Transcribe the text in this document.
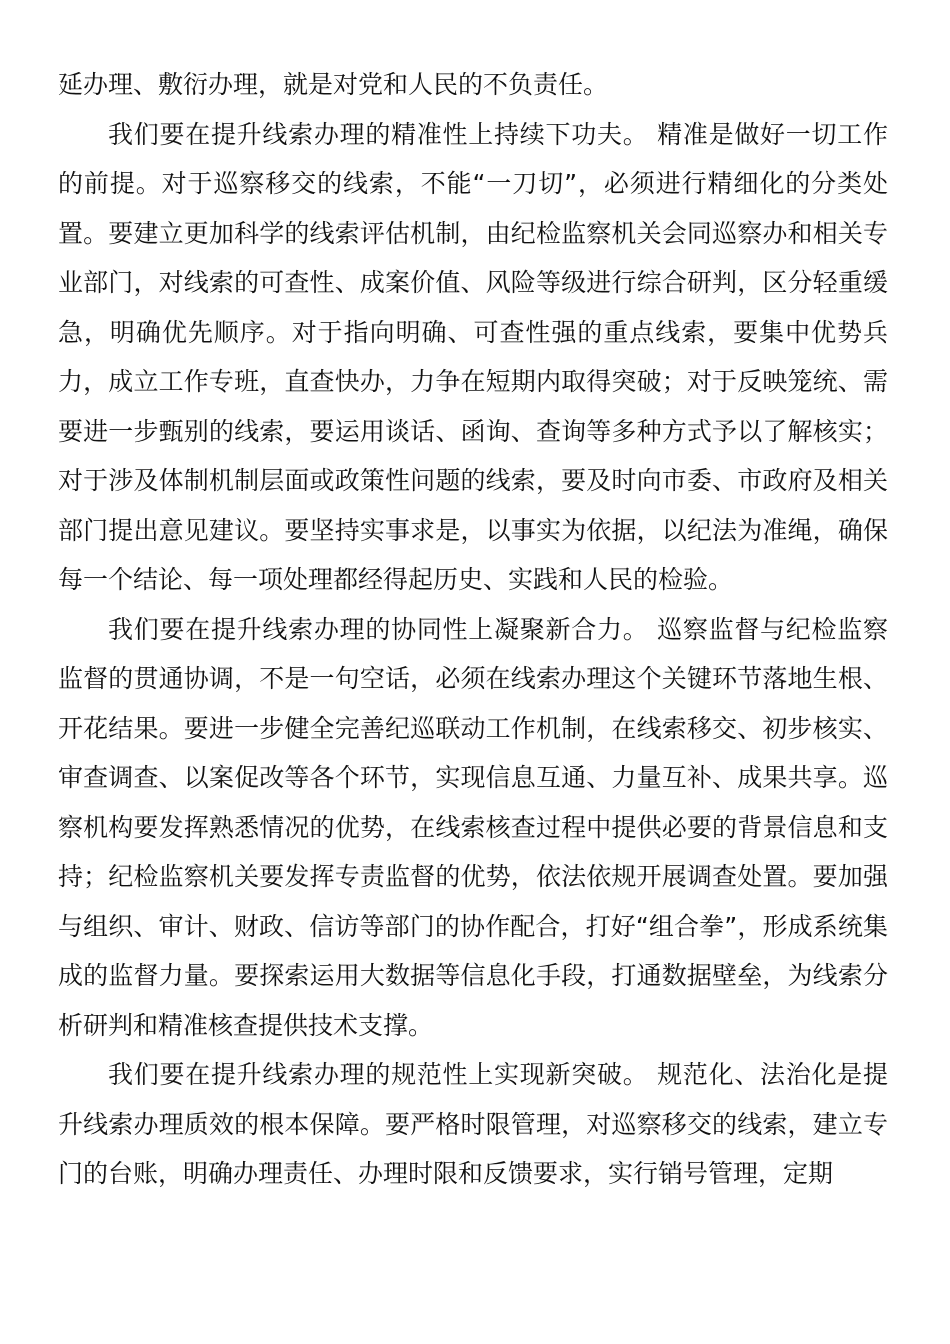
延办理、敷衍办理，就是对党和人民的不负责任。

我们要在提升线索办理的精准性上持续下功夫。 精准是做好一切工作的前提。对于巡察移交的线索，不能“一刀切”，必须进行精细化的分类处置。要建立更加科学的线索评估机制，由纪检监察机关会同巡察办和相关专业部门，对线索的可查性、成案价值、风险等级进行综合研判，区分轻重缓急，明确优先顺序。对于指向明确、可查性强的重点线索，要集中优势兵力，成立工作专班，直查快办，力争在短期内取得突破；对于反映笼统、需要进一步甄别的线索，要运用谈话、函询、查询等多种方式予以了解核实；对于涉及体制机制层面或政策性问题的线索，要及时向市委、市政府及相关部门提出意见建议。要坚持实事求是，以事实为依据，以纪法为准绳，确保每一个结论、每一项处理都经得起历史、实践和人民的检验。

我们要在提升线索办理的协同性上凝聚新合力。 巡察监督与纪检监察监督的贯通协调，不是一句空话，必须在线索办理这个关键环节落地生根、开花结果。要进一步健全完善纪巡联动工作机制，在线索移交、初步核实、审查调查、以案促改等各个环节，实现信息互通、力量互补、成果共享。巡察机构要发挥熟悉情况的优势，在线索核查过程中提供必要的背景信息和支持；纪检监察机关要发挥专责监督的优势，依法依规开展调查处置。要加强与组织、审计、财政、信访等部门的协作配合，打好“组合拳”，形成系统集成的监督力量。要探索运用大数据等信息化手段，打通数据壁垒，为线索分析研判和精准核查提供技术支撑。

我们要在提升线索办理的规范性上实现新突破。 规范化、法治化是提升线索办理质效的根本保障。要严格时限管理，对巡察移交的线索，建立专门的台账，明确办理责任、办理时限和反馈要求，实行销号管理，定期
